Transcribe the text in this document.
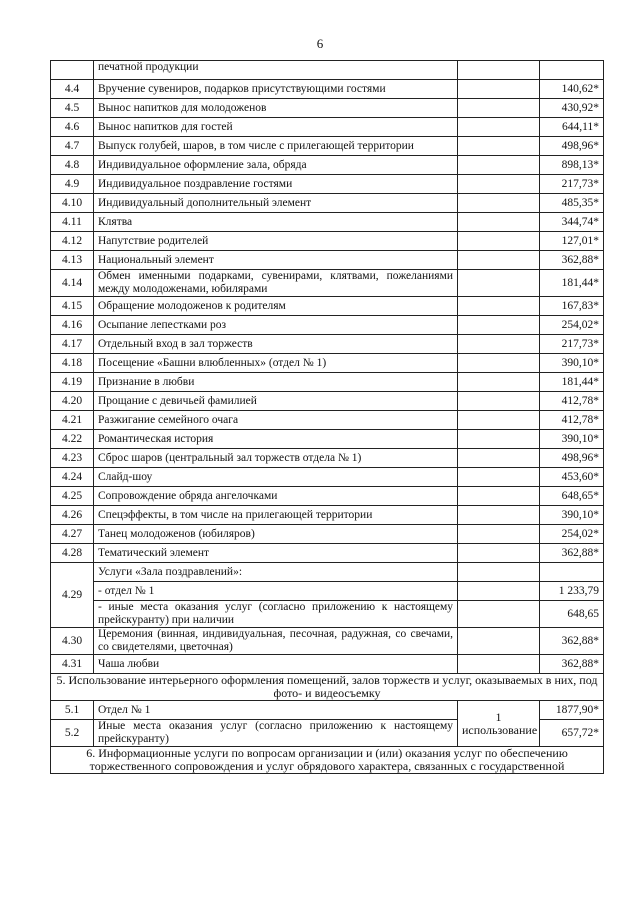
6
	печатной продукции		
4.4	Вручение сувениров, подарков присутствующими гостями		140,62*
4.5	Вынос напитков для молодоженов		430,92*
4.6	Вынос напитков для гостей		644,11*
4.7	Выпуск голубей, шаров, в том числе с прилегающей территории		498,96*
4.8	Индивидуальное оформление зала, обряда		898,13*
4.9	Индивидуальное поздравление гостями		217,73*
4.10	Индивидуальный дополнительный элемент		485,35*
4.11	Клятва		344,74*
4.12	Напутствие родителей		127,01*
4.13	Национальный элемент		362,88*
4.14	Обмен именными подарками, сувенирами, клятвами, пожеланиями между молодоженами, юбилярами		181,44*
4.15	Обращение молодоженов к родителям		167,83*
4.16	Осыпание лепестками роз		254,02*
4.17	Отдельный вход в зал торжеств		217,73*
4.18	Посещение «Башни влюбленных» (отдел № 1)		390,10*
4.19	Признание в любви		181,44*
4.20	Прощание с девичьей фамилией		412,78*
4.21	Разжигание семейного очага		412,78*
4.22	Романтическая история		390,10*
4.23	Сброс шаров (центральный зал торжеств отдела № 1)		498,96*
4.24	Слайд-шоу		453,60*
4.25	Сопровождение обряда ангелочками		648,65*
4.26	Спецэффекты, в том числе на прилегающей территории		390,10*
4.27	Танец молодоженов (юбиляров)		254,02*
4.28	Тематический элемент		362,88*
4.29	Услуги «Зала поздравлений»:		
	- отдел № 1		1 233,79
	- иные места оказания услуг (согласно приложению к настоящему прейскуранту) при наличии		648,65
4.30	Церемония (винная, индивидуальная, песочная, радужная, со свечами, со свидетелями, цветочная)		362,88*
4.31	Чаша любви		362,88*
5. Использование интерьерного оформления помещений, залов торжеств и услуг, оказываемых в них, под фото- и видеосъемку			
5.1	Отдел № 1	1 использование	1877,90*
5.2	Иные места оказания услуг (согласно приложению к настоящему прейскуранту)		657,72*
6. Информационные услуги по вопросам организации и (или) оказания услуг по обеспечению торжественного сопровождения и услуг обрядового характера, связанных с государственной			
